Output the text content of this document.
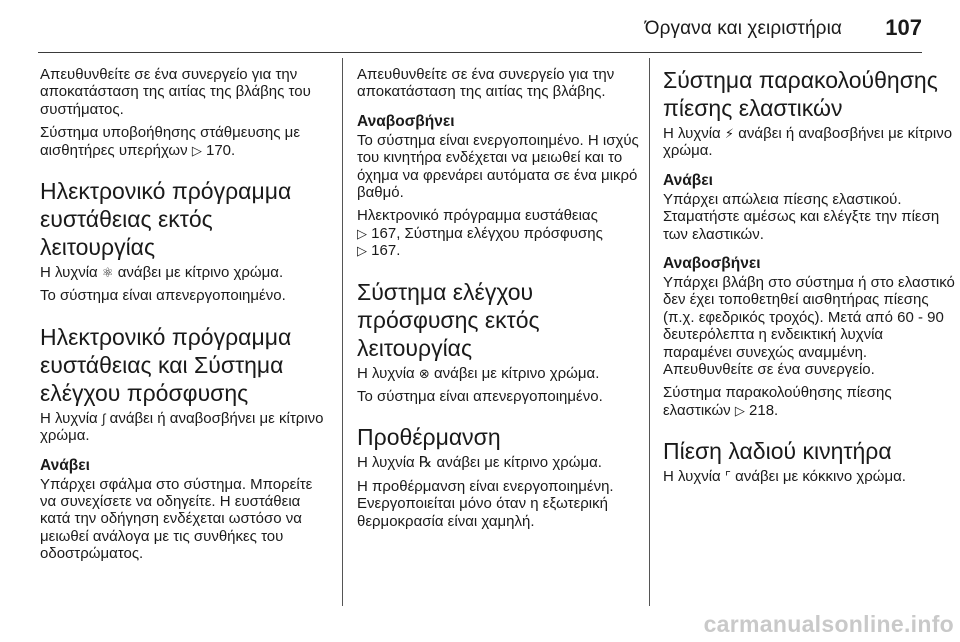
Όργανα και χειριστήρια 107

Απευθυνθείτε σε ένα συνεργείο για την αποκατάσταση της αιτίας της βλάβης του συστήματος.

Σύστημα υποβοήθησης στάθμευσης με αισθητήρες υπερήχων ▷ 170.

Ηλεκτρονικό πρόγραμμα ευστάθειας εκτός λειτουργίας

Η λυχνία ⚛ ανάβει με κίτρινο χρώμα.

Το σύστημα είναι απενεργοποιημένο.

Ηλεκτρονικό πρόγραμμα ευστάθειας και Σύστημα ελέγχου πρόσφυσης

Η λυχνία ∫ ανάβει ή αναβοσβήνει με κίτρινο χρώμα.

Ανάβει

Υπάρχει σφάλμα στο σύστημα. Μπορείτε να συνεχίσετε να οδηγείτε. Η ευστάθεια κατά την οδήγηση ενδέχεται ωστόσο να μειωθεί ανάλογα με τις συνθήκες του οδοστρώματος.

Απευθυνθείτε σε ένα συνεργείο για την αποκατάσταση της αιτίας της βλάβης.

Αναβοσβήνει

Το σύστημα είναι ενεργοποιημένο. Η ισχύς του κινητήρα ενδέχεται να μειωθεί και το όχημα να φρενάρει αυτόματα σε ένα μικρό βαθμό.

Ηλεκτρονικό πρόγραμμα ευστάθειας
▷ 167, Σύστημα ελέγχου πρόσφυσης
▷ 167.

Σύστημα ελέγχου πρόσφυσης εκτός λειτουργίας

Η λυχνία ⊗ ανάβει με κίτρινο χρώμα.

Το σύστημα είναι απενεργοποιημένο.

Προθέρμανση

Η λυχνία ℞ ανάβει με κίτρινο χρώμα.

Η προθέρμανση είναι ενεργοποιημένη. Ενεργοποιείται μόνο όταν η εξωτερική θερμοκρασία είναι χαμηλή.

Σύστημα παρακολούθησης πίεσης ελαστικών

Η λυχνία ⚡ ανάβει ή αναβοσβήνει με κίτρινο χρώμα.

Ανάβει

Υπάρχει απώλεια πίεσης ελαστικού. Σταματήστε αμέσως και ελέγξτε την πίεση των ελαστικών.

Αναβοσβήνει

Υπάρχει βλάβη στο σύστημα ή στο ελαστικό δεν έχει τοποθετηθεί αισθητήρας πίεσης (π.χ. εφεδρικός τροχός). Μετά από 60 - 90 δευτερόλεπτα η ενδεικτική λυχνία παραμένει συνεχώς αναμμένη. Απευθυνθείτε σε ένα συνεργείο.

Σύστημα παρακολούθησης πίεσης ελαστικών ▷ 218.

Πίεση λαδιού κινητήρα

Η λυχνία ⌜ ανάβει με κόκκινο χρώμα.

carmanualsonline.info
